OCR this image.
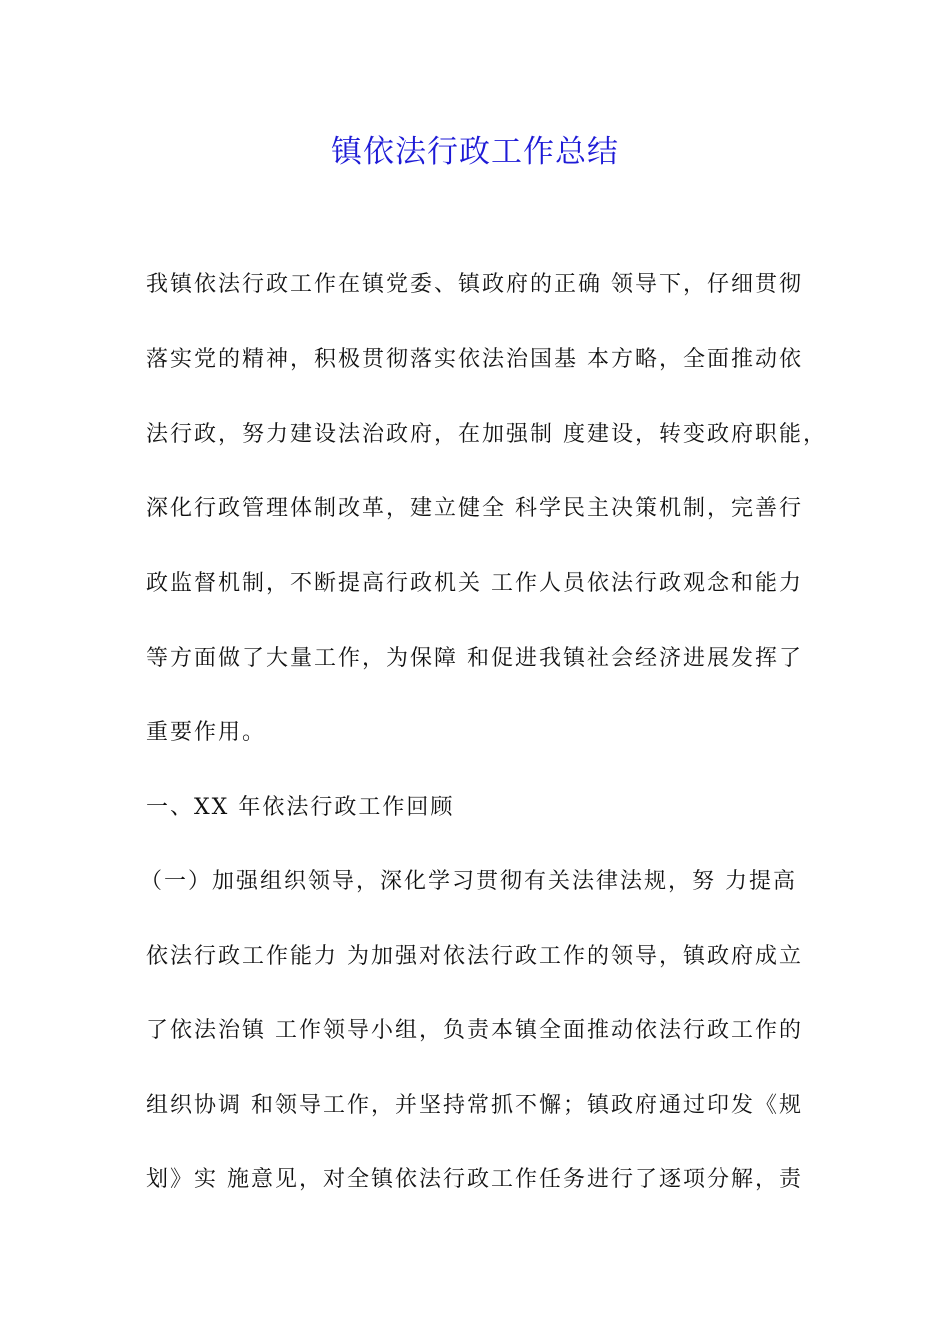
镇依法行政工作总结
我镇依法行政工作在镇党委、镇政府的正确 领导下，仔细贯彻
落实党的精神，积极贯彻落实依法治国基 本方略，全面推动依
法行政，努力建设法治政府，在加强制 度建设，转变政府职能，
深化行政管理体制改革，建立健全 科学民主决策机制，完善行
政监督机制，不断提高行政机关 工作人员依法行政观念和能力
等方面做了大量工作，为保障 和促进我镇社会经济进展发挥了
重要作用。
一、XX 年依法行政工作回顾
（一）加强组织领导，深化学习贯彻有关法律法规，努 力提高
依法行政工作能力 为加强对依法行政工作的领导，镇政府成立
了依法治镇 工作领导小组，负责本镇全面推动依法行政工作的
组织协调 和领导工作，并坚持常抓不懈；镇政府通过印发《规
划》实 施意见，对全镇依法行政工作任务进行了逐项分解，责
